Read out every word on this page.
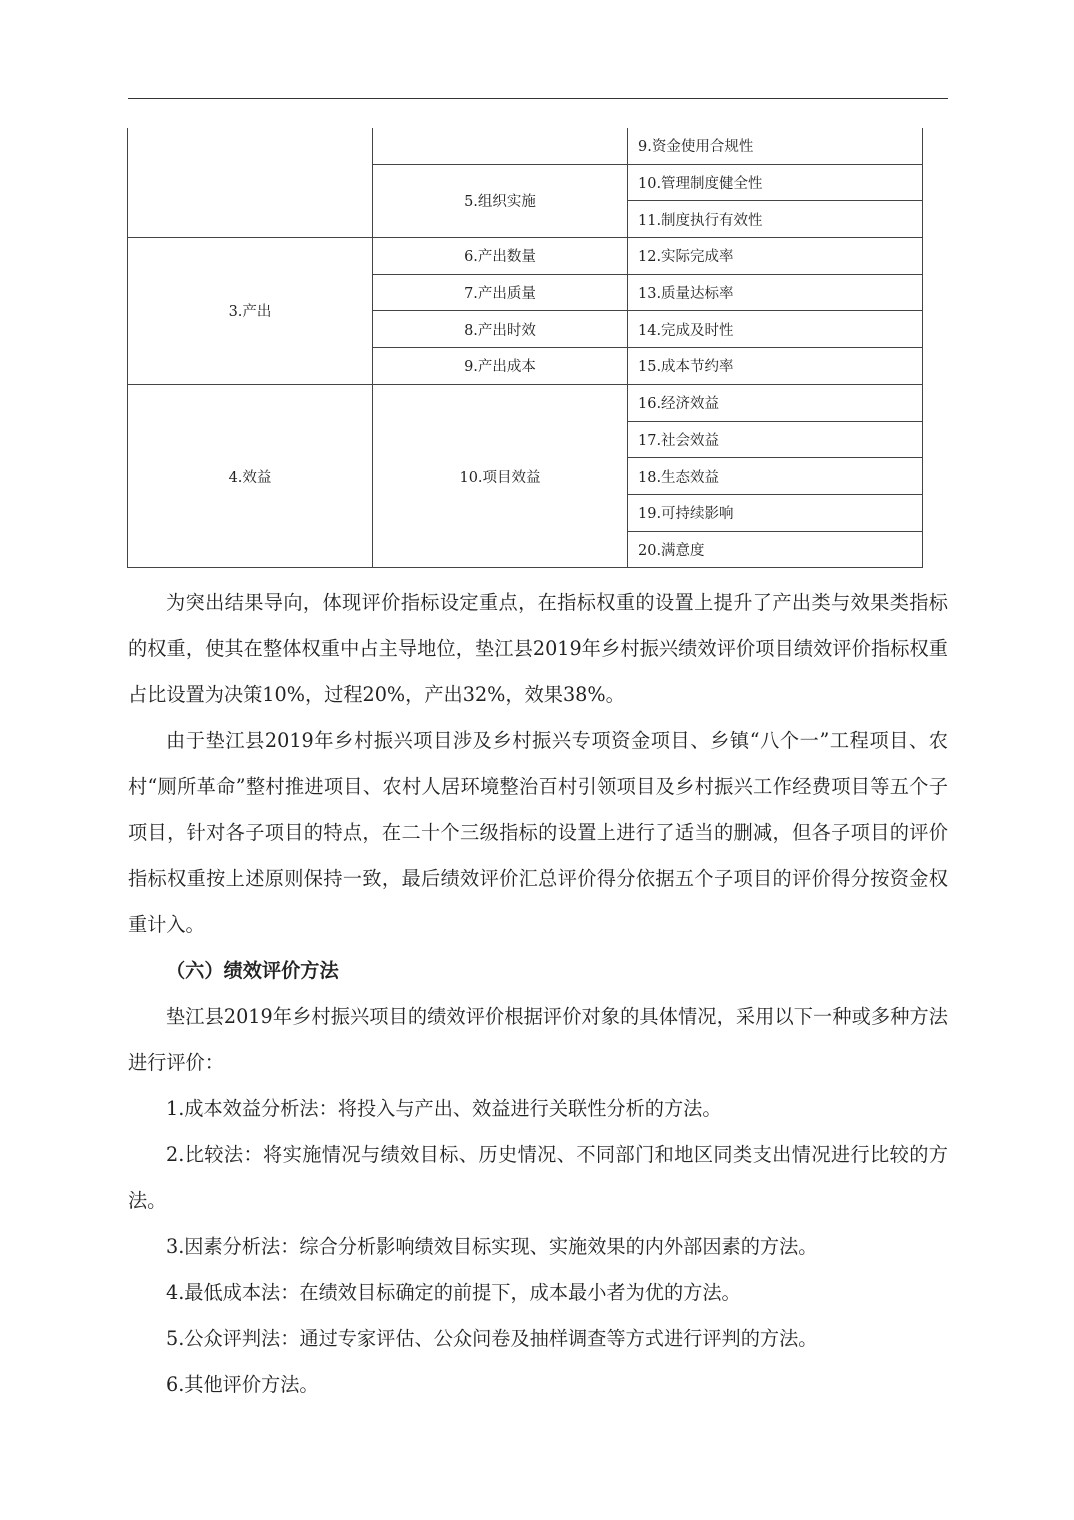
		9.资金使用合规性
	5.组织实施	10.管理制度健全性
		11.制度执行有效性
3.产出	6.产出数量	12.实际完成率
	7.产出质量	13.质量达标率
	8.产出时效	14.完成及时性
	9.产出成本	15.成本节约率
4.效益	10.项目效益	16.经济效益
		17.社会效益
		18.生态效益
		19.可持续影响
		20.满意度

为突出结果导向，体现评价指标设定重点，在指标权重的设置上提升了产出类与效果类指标的权重，使其在整体权重中占主导地位，垫江县2019年乡村振兴绩效评价项目绩效评价指标权重占比设置为决策10%，过程20%，产出32%，效果38%。

由于垫江县2019年乡村振兴项目涉及乡村振兴专项资金项目、乡镇“八个一”工程项目、农村“厕所革命”整村推进项目、农村人居环境整治百村引领项目及乡村振兴工作经费项目等五个子项目，针对各子项目的特点，在二十个三级指标的设置上进行了适当的删减，但各子项目的评价指标权重按上述原则保持一致，最后绩效评价汇总评价得分依据五个子项目的评价得分按资金权重计入。

（六）绩效评价方法

垫江县2019年乡村振兴项目的绩效评价根据评价对象的具体情况，采用以下一种或多种方法进行评价：

1.成本效益分析法：将投入与产出、效益进行关联性分析的方法。

2.比较法：将实施情况与绩效目标、历史情况、不同部门和地区同类支出情况进行比较的方法。

3.因素分析法：综合分析影响绩效目标实现、实施效果的内外部因素的方法。

4.最低成本法：在绩效目标确定的前提下，成本最小者为优的方法。

5.公众评判法：通过专家评估、公众问卷及抽样调查等方式进行评判的方法。

6.其他评价方法。
